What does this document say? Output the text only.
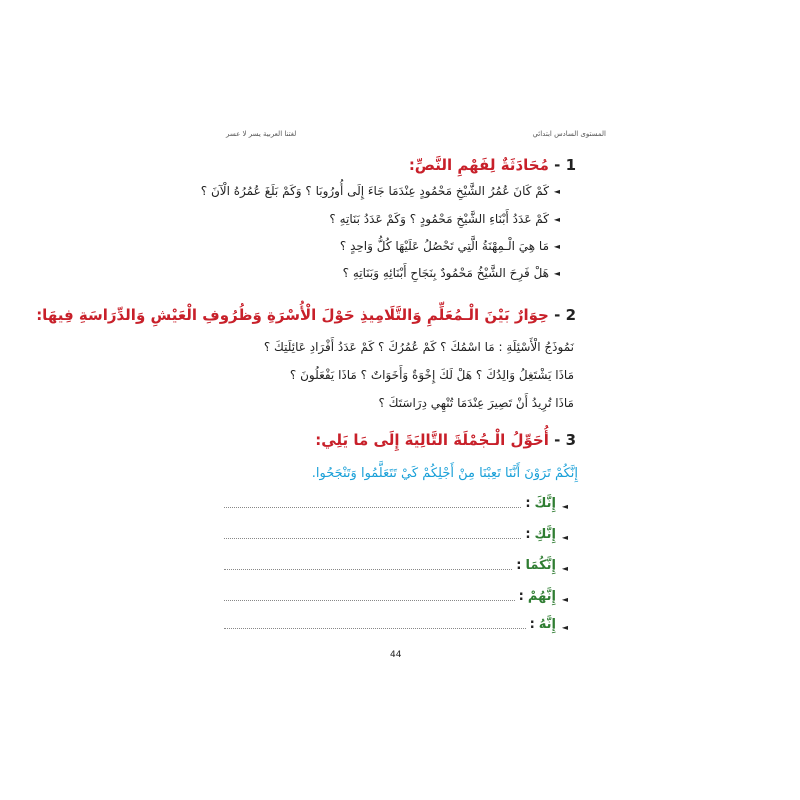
المستوى السادس ابتدائي
لغتنا العربية يسر لا عسر
1 - مُحَادَثَةٌ لِفَهْمِ النَّصِّ:
◄
كَمْ كَانَ عُمُرُ الشَّيْخِ مَحْمُودٍ عِنْدَمَا جَاءَ إِلَى أُورُوبَا ؟ وَكَمْ بَلَغَ عُمُرُهُ الْآنَ ؟
◄
كَمْ عَدَدُ أَبْنَاءِ الشَّيْخِ مَحْمُودٍ ؟ وَكَمْ عَدَدُ بَنَاتِهِ ؟
◄
مَا هِيَ الْـمِهْنَةُ الَّتِي تَحْصُلُ عَلَيْهَا كُلُّ وَاحِدٍ ؟
◄
هَلْ فَرِحَ الشَّيْخُ مَحْمُودٌ بِنَجَاحِ أَبْنَائِهِ وَبَنَاتِهِ ؟
2 - حِوَارٌ بَيْنَ الْـمُعَلِّمِ وَالتَّلَامِيذِ حَوْلَ الْأُسْرَةِ وَظُرُوفِ الْعَيْشِ وَالدِّرَاسَةِ فِيهَا:
نَمُوذَجُ الْأَسْئِلَةِ : مَا اسْمُكَ ؟ كَمْ عُمُرُكَ ؟ كَمْ عَدَدُ أَفْرَادِ عَائِلَتِكَ ؟
مَاذَا يَشْتَغِلُ وَالِدُكَ ؟ هَلْ لَكَ إِخْوَةٌ وَأَخَوَاتٌ ؟ مَاذَا يَفْعَلُونَ ؟
مَاذَا تُرِيدُ أَنْ تَصِيرَ عِنْدَمَا تُنْهِي دِرَاسَتَكَ ؟
3 - أُحَوِّلُ الْـجُمْلَةَ التَّالِيَةَ إِلَى مَا يَلِي:
إِنَّكُمْ تَرَوْنَ أَنَّنَا تَعِبْنَا مِنْ أَجْلِكُمْ كَيْ تَتَعَلَّمُوا وَتَنْجَحُوا.
◄
إِنَّكَ
:
◄
إِنَّكِ
:
◄
إِنَّكُمَا
:
◄
إِنَّهُمْ
:
◄
إِنَّهُ
:
44
